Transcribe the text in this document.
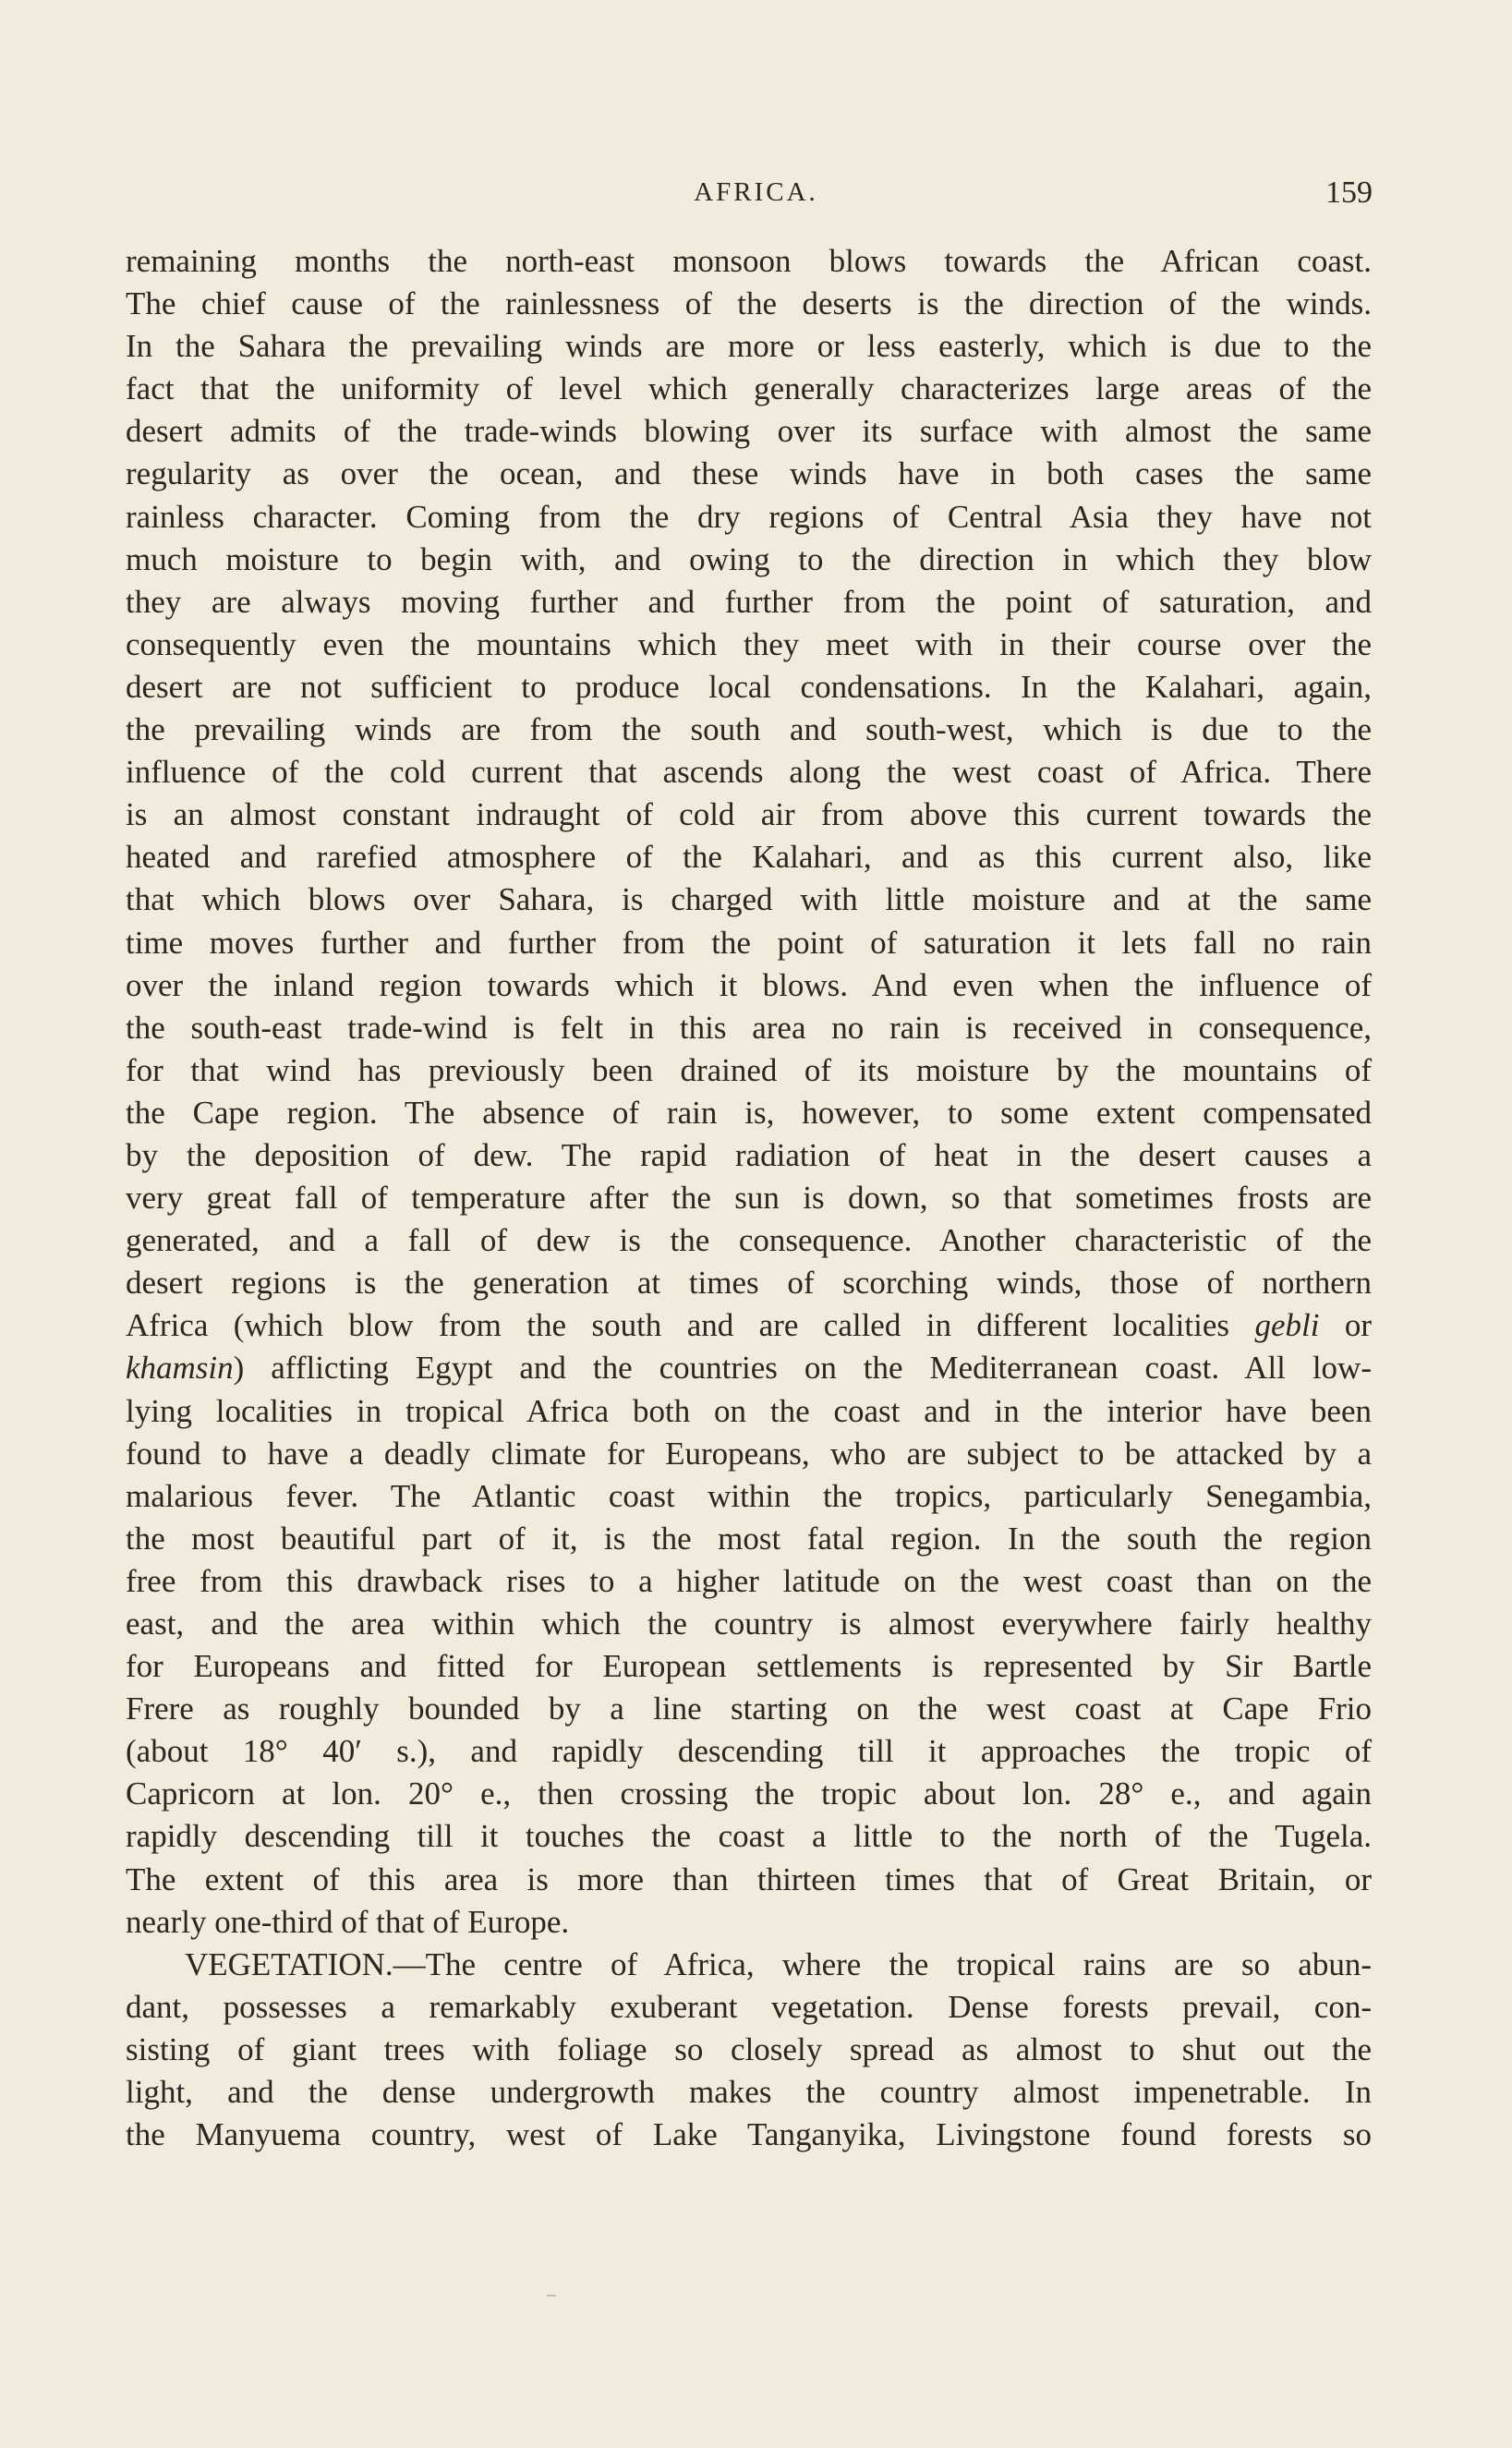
AFRICA.	159
remaining months the north-east monsoon blows towards the African coast.
The chief cause of the rainlessness of the deserts is the direction of the winds.
In the Sahara the prevailing winds are more or less easterly, which is due to the
fact that the uniformity of level which generally characterizes large areas of the
desert admits of the trade-winds blowing over its surface with almost the same
regularity as over the ocean, and these winds have in both cases the same
rainless character. Coming from the dry regions of Central Asia they have not
much moisture to begin with, and owing to the direction in which they blow
they are always moving further and further from the point of saturation, and
consequently even the mountains which they meet with in their course over the
desert are not sufficient to produce local condensations. In the Kalahari, again,
the prevailing winds are from the south and south-west, which is due to the
influence of the cold current that ascends along the west coast of Africa. There
is an almost constant indraught of cold air from above this current towards the
heated and rarefied atmosphere of the Kalahari, and as this current also, like
that which blows over Sahara, is charged with little moisture and at the same
time moves further and further from the point of saturation it lets fall no rain
over the inland region towards which it blows. And even when the influence of
the south-east trade-wind is felt in this area no rain is received in consequence,
for that wind has previously been drained of its moisture by the mountains of
the Cape region. The absence of rain is, however, to some extent compensated
by the deposition of dew. The rapid radiation of heat in the desert causes a
very great fall of temperature after the sun is down, so that sometimes frosts are
generated, and a fall of dew is the consequence. Another characteristic of the
desert regions is the generation at times of scorching winds, those of northern
Africa (which blow from the south and are called in different localities gebli or
khamsin) afflicting Egypt and the countries on the Mediterranean coast. All low-
lying localities in tropical Africa both on the coast and in the interior have been
found to have a deadly climate for Europeans, who are subject to be attacked by a
malarious fever. The Atlantic coast within the tropics, particularly Senegambia,
the most beautiful part of it, is the most fatal region. In the south the region
free from this drawback rises to a higher latitude on the west coast than on the
east, and the area within which the country is almost everywhere fairly healthy
for Europeans and fitted for European settlements is represented by Sir Bartle
Frere as roughly bounded by a line starting on the west coast at Cape Frio
(about 18° 40′ s.), and rapidly descending till it approaches the tropic of
Capricorn at lon. 20° e., then crossing the tropic about lon. 28° e., and again
rapidly descending till it touches the coast a little to the north of the Tugela.
The extent of this area is more than thirteen times that of Great Britain, or
nearly one-third of that of Europe.
VEGETATION.—The centre of Africa, where the tropical rains are so abun-
dant, possesses a remarkably exuberant vegetation. Dense forests prevail, con-
sisting of giant trees with foliage so closely spread as almost to shut out the
light, and the dense undergrowth makes the country almost impenetrable. In
the Manyuema country, west of Lake Tanganyika, Livingstone found forests so
